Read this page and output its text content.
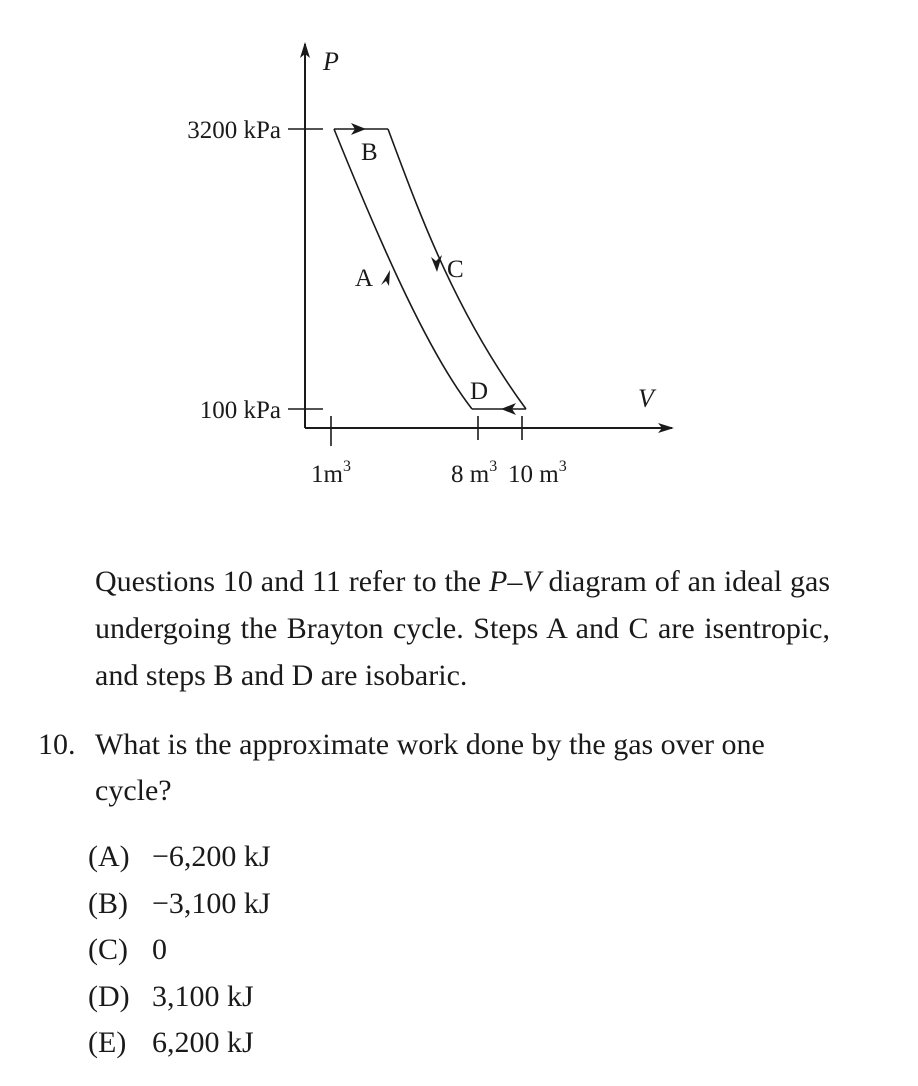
P
V
3200 kPa
100 kPa
$1m^3$	8 $m^3$ 10 $m^3$
B
A	C
D

Questions 10 and 11 refer to the P–V diagram of an ideal gas undergoing the Brayton cycle. Steps A and C are isentropic, and steps B and D are isobaric.

10. What is the approximate work done by the gas over one cycle?
(A) −6,200 kJ
(B) −3,100 kJ
(C) 0
(D) 3,100 kJ
(E) 6,200 kJ
